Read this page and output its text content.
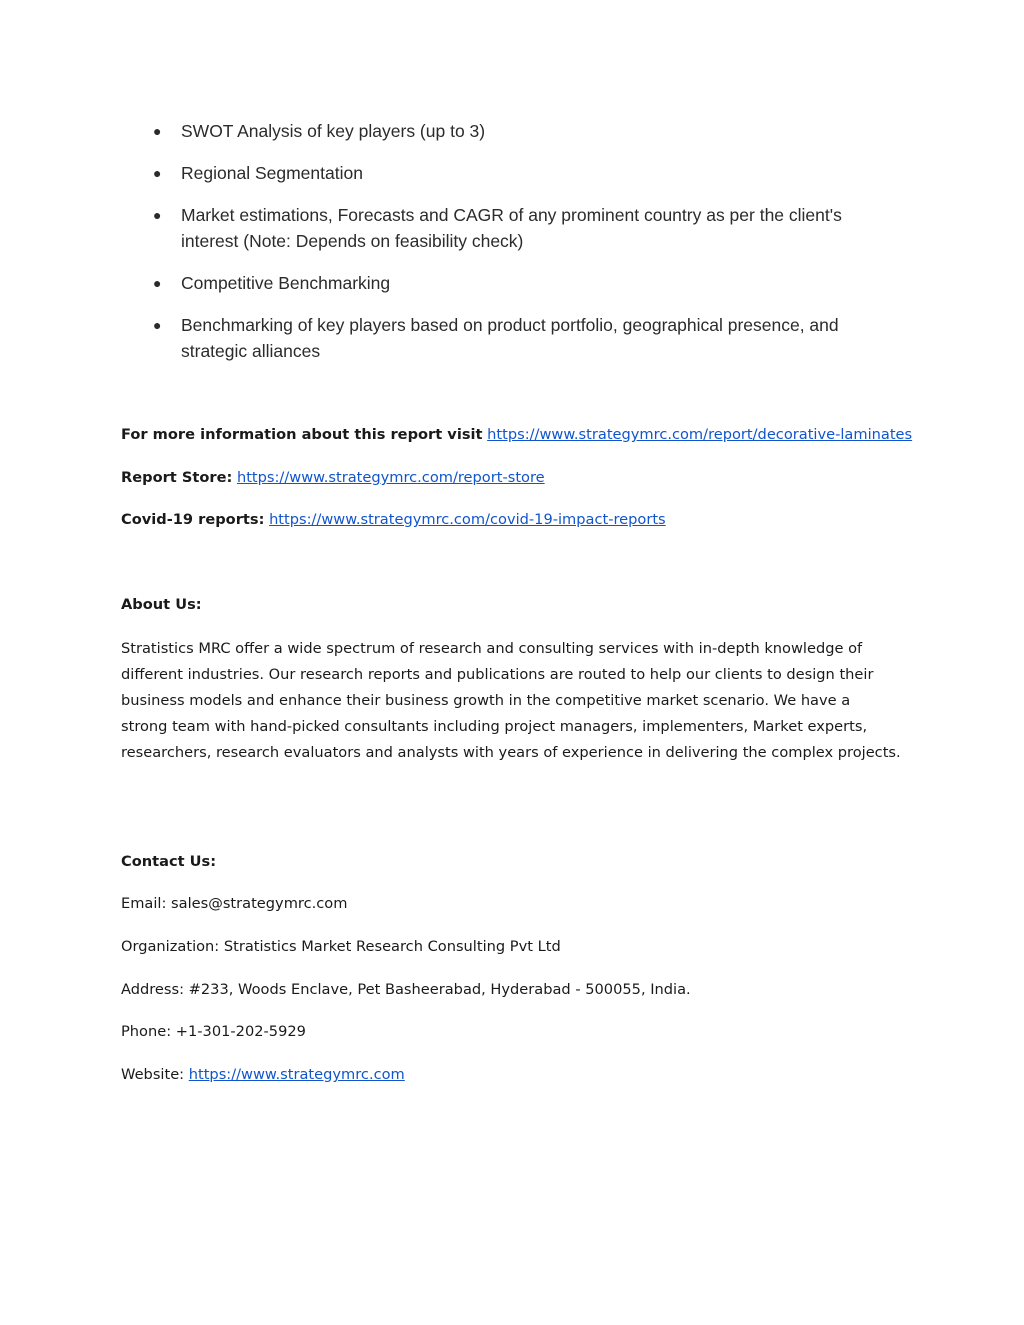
● SWOT Analysis of key players (up to 3)
● Regional Segmentation
● Market estimations, Forecasts and CAGR of any prominent country as per the client's interest (Note: Depends on feasibility check)
● Competitive Benchmarking
● Benchmarking of key players based on product portfolio, geographical presence, and strategic alliances
For more information about this report visit https://www.strategymrc.com/report/decorative-laminates
Report Store: https://www.strategymrc.com/report-store
Covid-19 reports: https://www.strategymrc.com/covid-19-impact-reports
About Us:
Stratistics MRC offer a wide spectrum of research and consulting services with in-depth knowledge of different industries. Our research reports and publications are routed to help our clients to design their business models and enhance their business growth in the competitive market scenario. We have a strong team with hand-picked consultants including project managers, implementers, Market experts, researchers, research evaluators and analysts with years of experience in delivering the complex projects.
Contact Us:
Email: sales@strategymrc.com
Organization: Stratistics Market Research Consulting Pvt Ltd
Address: #233, Woods Enclave, Pet Basheerabad, Hyderabad - 500055, India.
Phone: +1-301-202-5929
Website: https://www.strategymrc.com
